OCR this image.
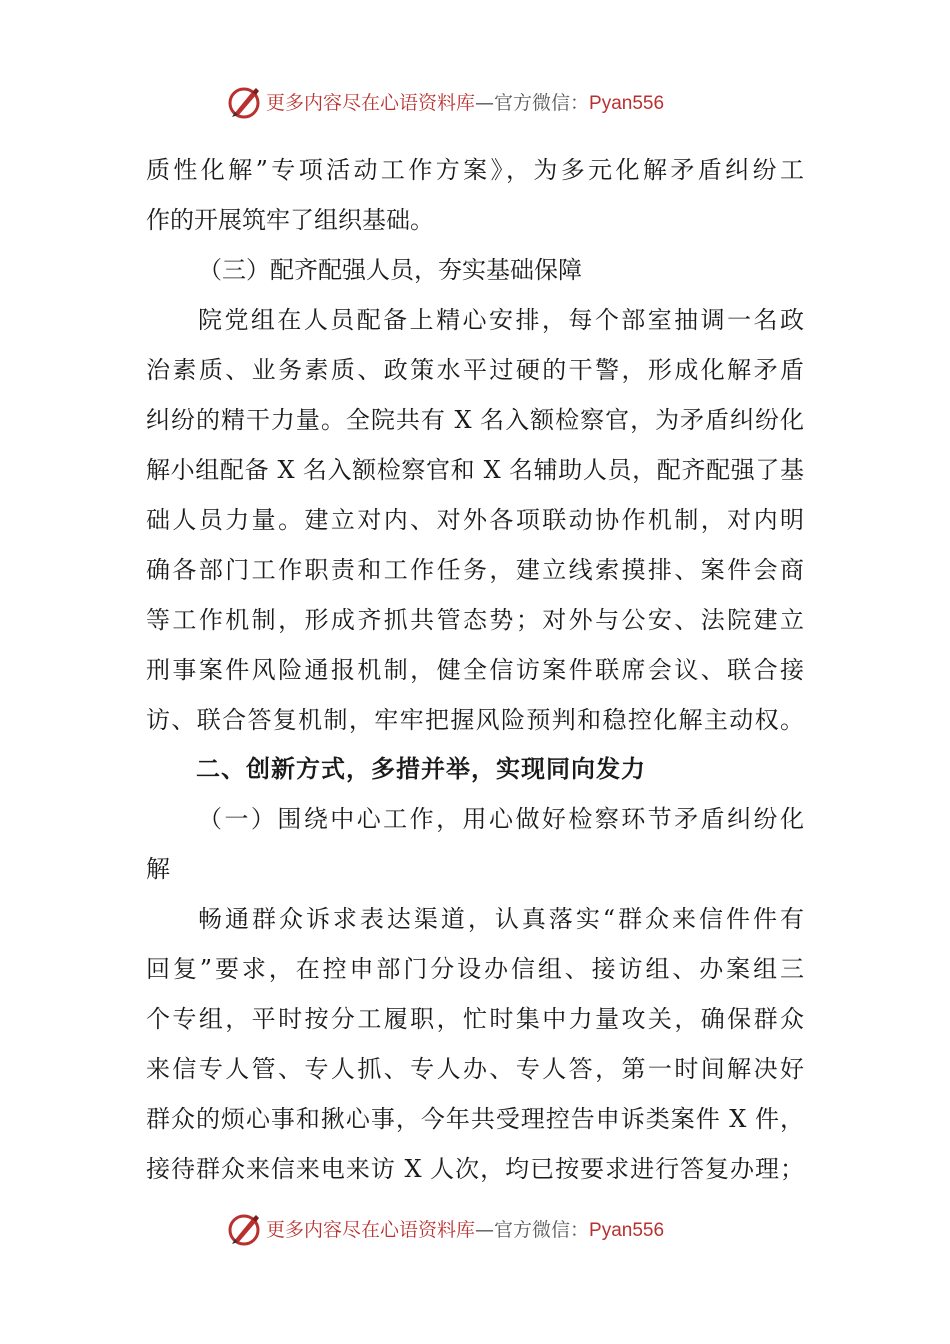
更多内容尽在心语资料库—官方微信：Pyan556
质性化解”专项活动工作方案》，为多元化解矛盾纠纷工
作的开展筑牢了组织基础。
（三）配齐配强人员，夯实基础保障
院党组在人员配备上精心安排，每个部室抽调一名政
治素质、业务素质、政策水平过硬的干警，形成化解矛盾
纠纷的精干力量。全院共有 X 名入额检察官，为矛盾纠纷化
解小组配备 X 名入额检察官和 X 名辅助人员，配齐配强了基
础人员力量。建立对内、对外各项联动协作机制，对内明
确各部门工作职责和工作任务，建立线索摸排、案件会商
等工作机制，形成齐抓共管态势；对外与公安、法院建立
刑事案件风险通报机制，健全信访案件联席会议、联合接
访、联合答复机制，牢牢把握风险预判和稳控化解主动权。
二、创新方式，多措并举，实现同向发力
（一）围绕中心工作，用心做好检察环节矛盾纠纷化
解
畅通群众诉求表达渠道，认真落实“群众来信件件有
回复”要求，在控申部门分设办信组、接访组、办案组三
个专组，平时按分工履职，忙时集中力量攻关，确保群众
来信专人管、专人抓、专人办、专人答，第一时间解决好
群众的烦心事和揪心事，今年共受理控告申诉类案件 X 件，
接待群众来信来电来访 X 人次，均已按要求进行答复办理；
更多内容尽在心语资料库—官方微信：Pyan556
